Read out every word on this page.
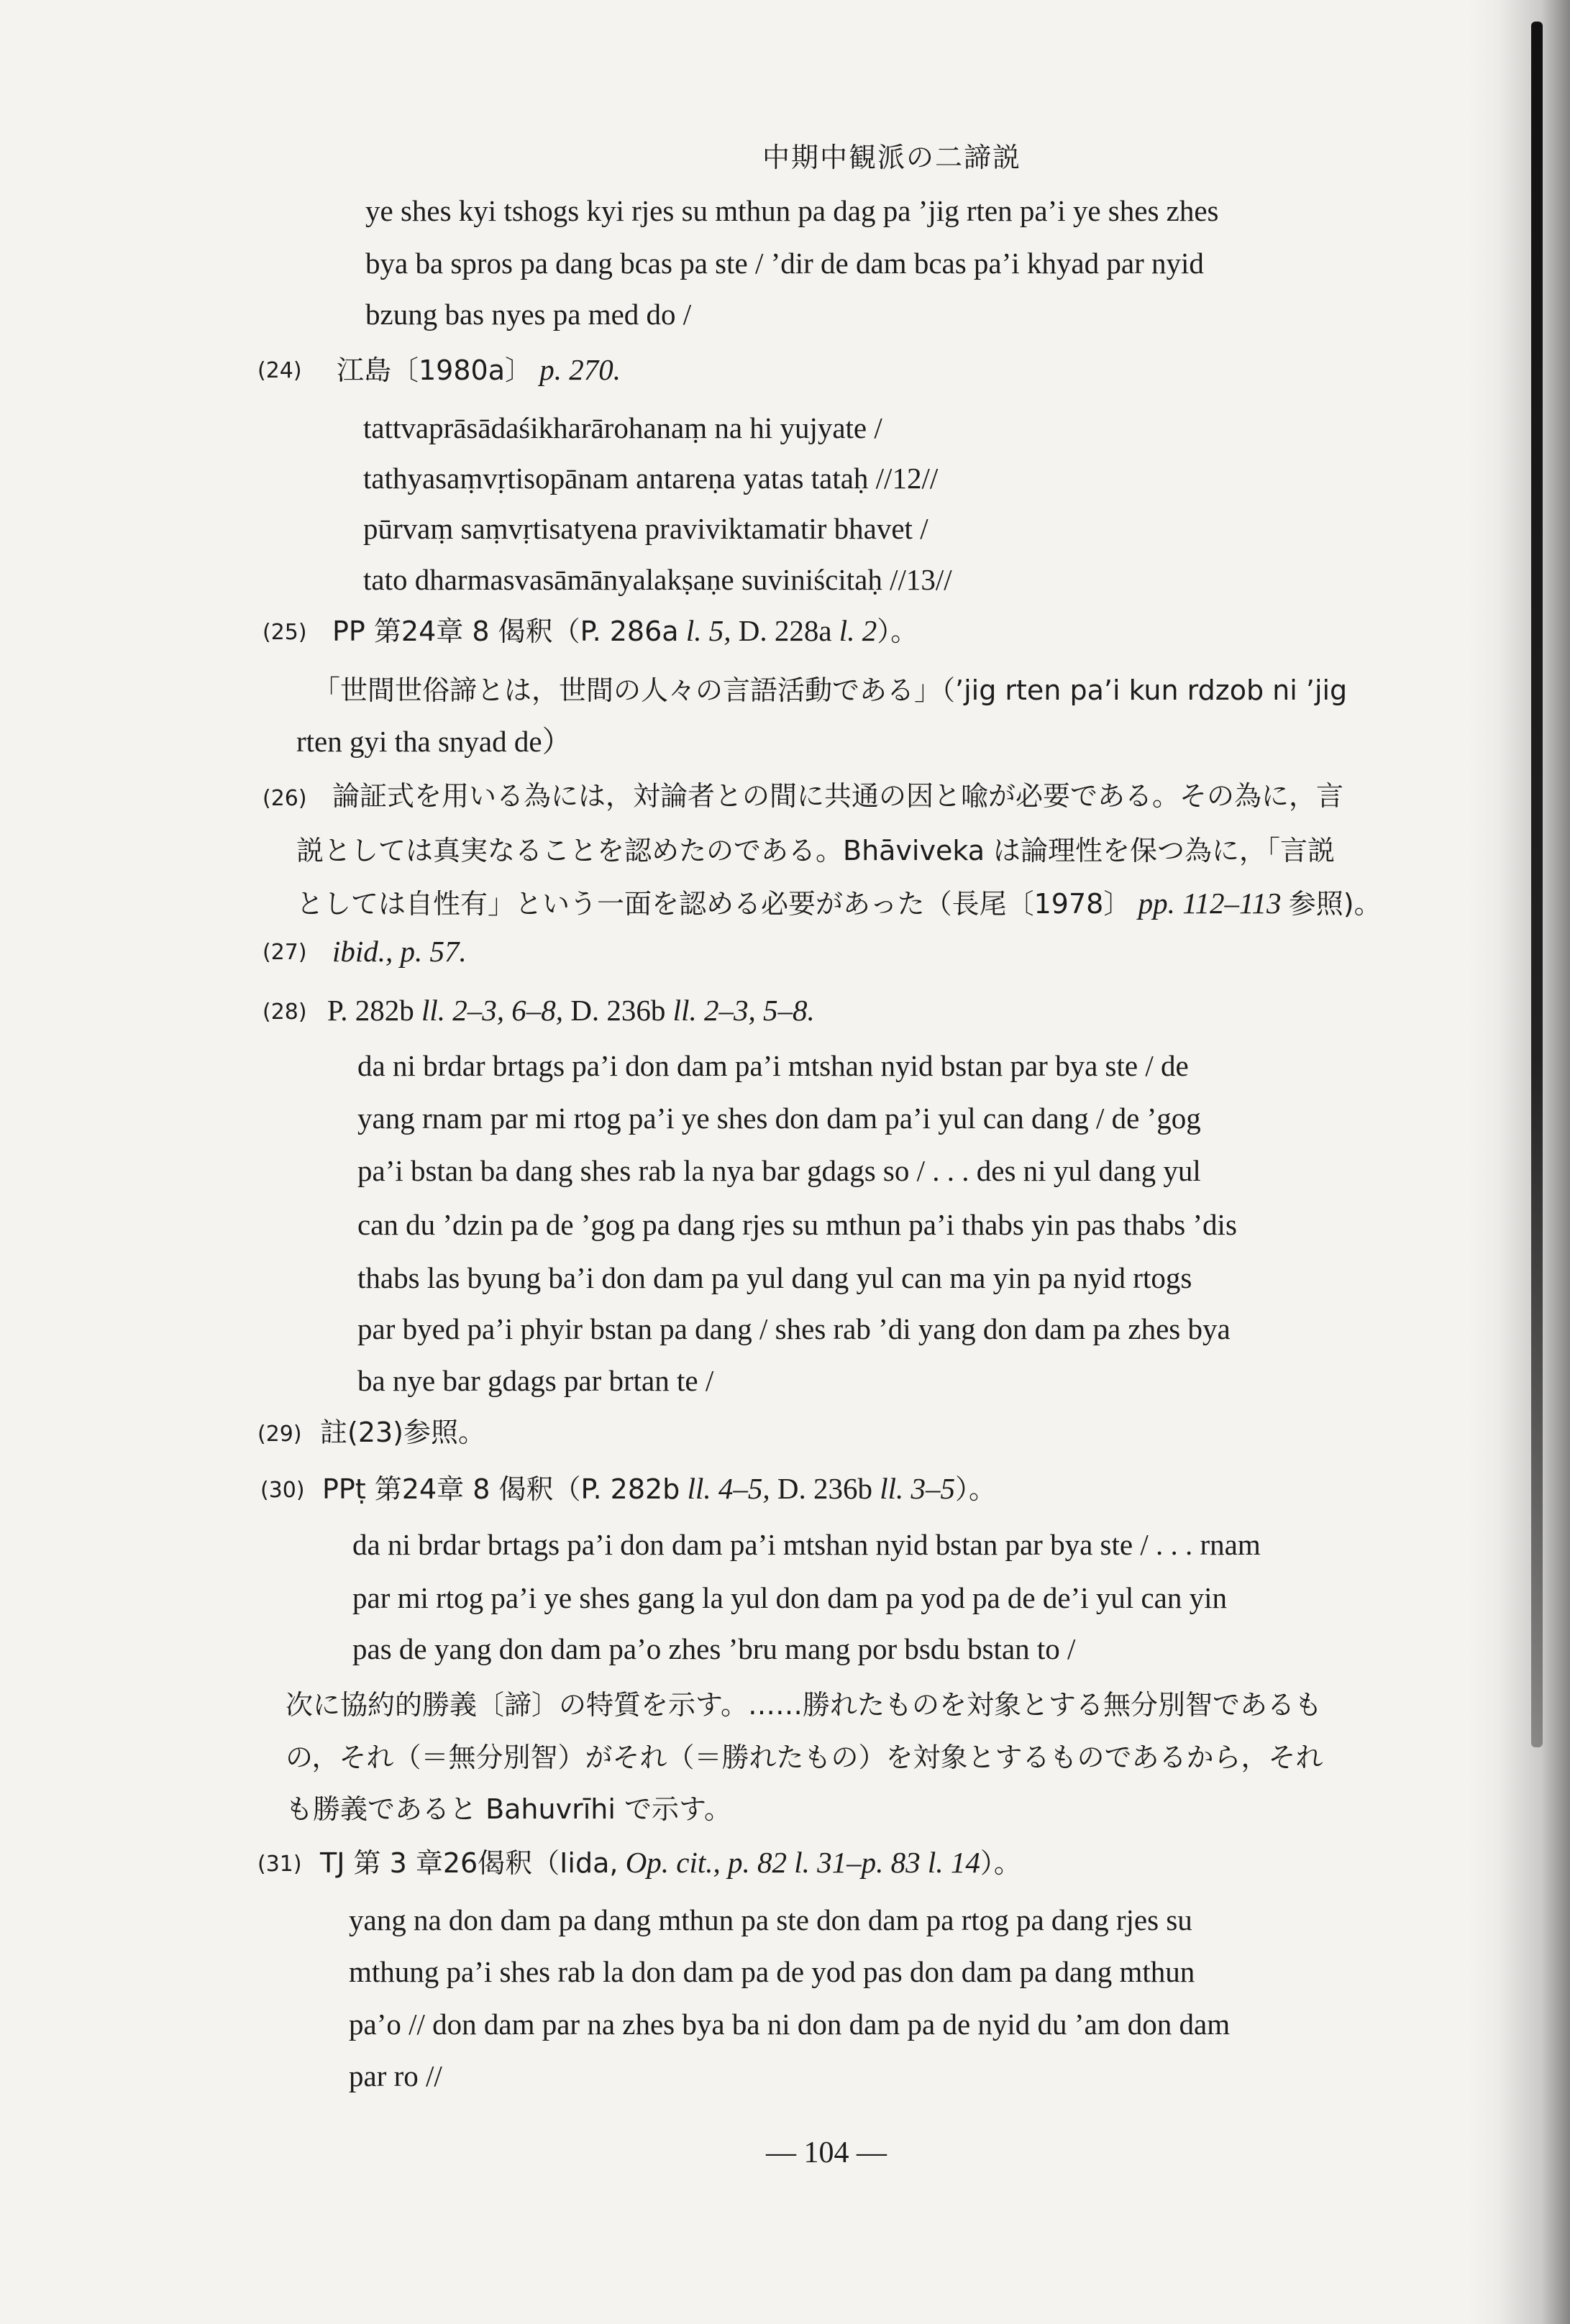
中期中観派の二諦説
ye shes kyi tshogs kyi rjes su mthun pa dag pa ’jig rten pa’i ye shes zhes
bya ba spros pa dang bcas pa ste / ’dir de dam bcas pa’i khyad par nyid
bzung bas nyes pa med do /
(24) 江島〔1980a〕 p. 270.
tattvaprāsādaśikharārohanaṃ na hi yujyate /
tathyasaṃvṛtisopānam antareṇa yatas tataḥ //12//
pūrvaṃ saṃvṛtisatyena praviviktamatir bhavet /
tato dharmasvasāmānyalakṣaṇe suviniścitaḥ //13//
(25) PP 第24章 8 偈釈（P. 286a l. 5, D. 228a l. 2）。
「世間世俗諦とは，世間の人々の言語活動である」（’jig rten pa’i kun rdzob ni ’jig
rten gyi tha snyad de）
(26) 論証式を用いる為には，対論者との間に共通の因と喩が必要である。その為に，言
説としては真実なることを認めたのである。Bhāviveka は論理性を保つ為に，「言説
としては自性有」という一面を認める必要があった（長尾〔1978〕 pp. 112–113 参照)。
(27) ibid., p. 57.
(28) P. 282b ll. 2–3, 6–8, D. 236b ll. 2–3, 5–8.
da ni brdar brtags pa’i don dam pa’i mtshan nyid bstan par bya ste / de
yang rnam par mi rtog pa’i ye shes don dam pa’i yul can dang / de ’gog
pa’i bstan ba dang shes rab la nya bar gdags so / . . . des ni yul dang yul
can du ’dzin pa de ’gog pa dang rjes su mthun pa’i thabs yin pas thabs ’dis
thabs las byung ba’i don dam pa yul dang yul can ma yin pa nyid rtogs
par byed pa’i phyir bstan pa dang / shes rab ’di yang don dam pa zhes bya
ba nye bar gdags par brtan te /
(29) 註(23)参照。
(30) PPṭ 第24章 8 偈釈（P. 282b ll. 4–5, D. 236b ll. 3–5）。
da ni brdar brtags pa’i don dam pa’i mtshan nyid bstan par bya ste / . . . rnam
par mi rtog pa’i ye shes gang la yul don dam pa yod pa de de’i yul can yin
pas de yang don dam pa’o zhes ’bru mang por bsdu bstan to /
次に協約的勝義〔諦〕の特質を示す。……勝れたものを対象とする無分別智であるも
の，それ（＝無分別智）がそれ（＝勝れたもの）を対象とするものであるから，それ
も勝義であると Bahuvrīhi で示す。
(31) TJ 第 3 章26偈釈（Iida, Op. cit., p. 82 l. 31–p. 83 l. 14）。
yang na don dam pa dang mthun pa ste don dam pa rtog pa dang rjes su
mthung pa’i shes rab la don dam pa de yod pas don dam pa dang mthun
pa’o // don dam par na zhes bya ba ni don dam pa de nyid du ’am don dam
par ro //
— 104 —
